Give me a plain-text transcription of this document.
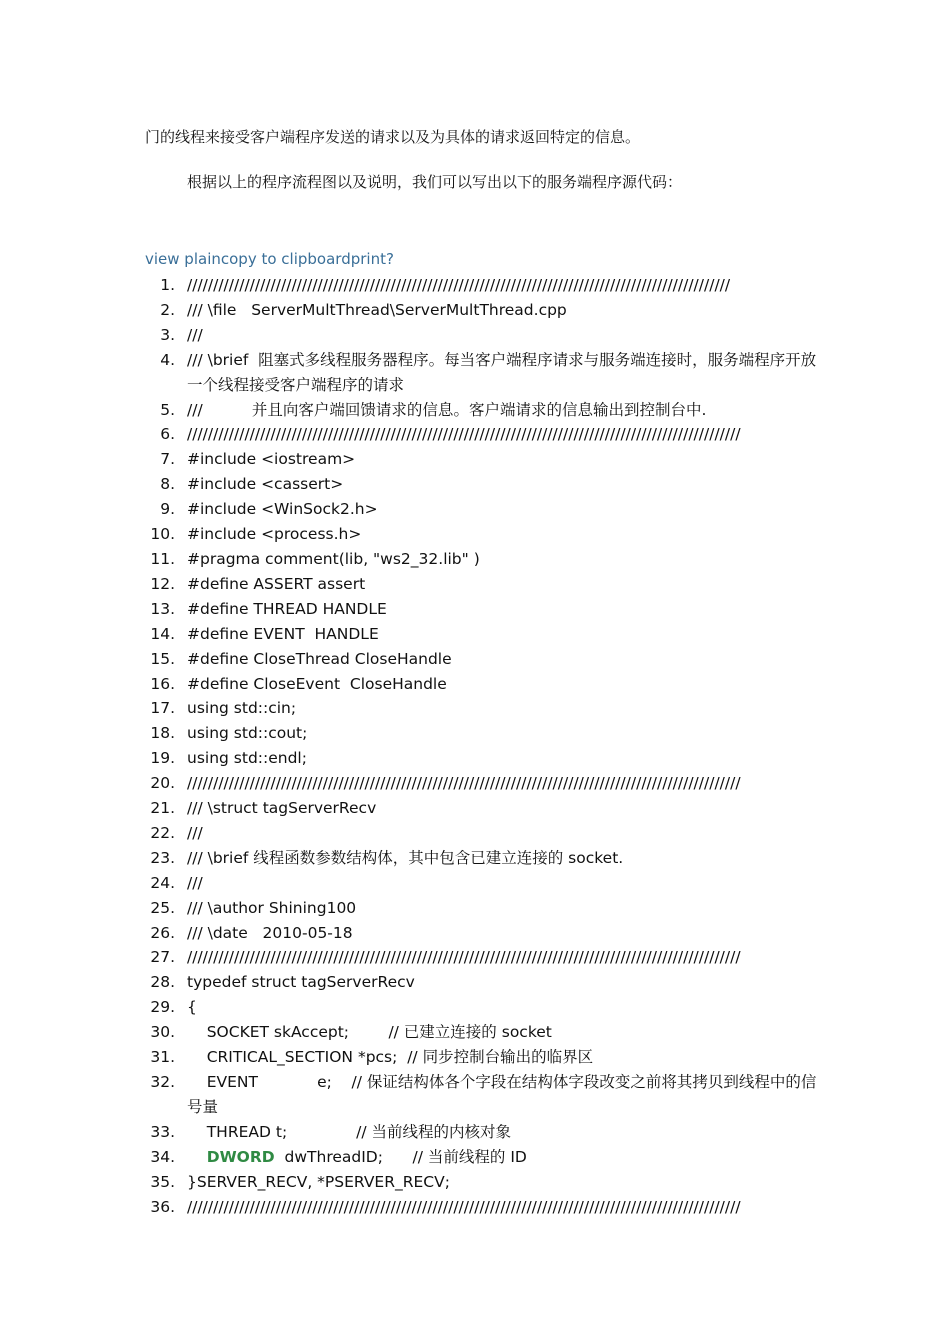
门的线程来接受客户端程序发送的请求以及为具体的请求返回特定的信息。
根据以上的程序流程图以及说明，我们可以写出以下的服务端程序源代码：
view plaincopy to clipboardprint?
1. ////////////////////////////////////////////////////////////////////////////////////////////////////////
2. /// \file   ServerMultThread\ServerMultThread.cpp
3. ///
4. /// \brief  阻塞式多线程服务器程序。每当客户端程序请求与服务端连接时，服务端程序开放一个线程接受客户端程序的请求
5. ///          并且向客户端回馈请求的信息。客户端请求的信息输出到控制台中.
6. //////////////////////////////////////////////////////////////////////////////////////////////////////////
7. #include <iostream>
8. #include <cassert>
9. #include <WinSock2.h>
10. #include <process.h>
11. #pragma comment(lib, "ws2_32.lib" )
12. #define ASSERT assert
13. #define THREAD HANDLE
14. #define EVENT  HANDLE
15. #define CloseThread CloseHandle
16. #define CloseEvent  CloseHandle
17. using std::cin;
18. using std::cout;
19. using std::endl;
20. //////////////////////////////////////////////////////////////////////////////////////////////////////////
21. /// \struct tagServerRecv
22. ///
23. /// \brief 线程函数参数结构体，其中包含已建立连接的 socket.
24. ///
25. /// \author Shining100
26. /// \date   2010-05-18
27. //////////////////////////////////////////////////////////////////////////////////////////////////////////
28. typedef struct tagServerRecv
29. {
30. SOCKET skAccept;        // 已建立连接的 socket
31. CRITICAL_SECTION *pcs;  // 同步控制台输出的临界区
32. EVENT            e;    // 保证结构体各个字段在结构体字段改变之前将其拷贝到线程中的信号量
33. THREAD t;              // 当前线程的内核对象
34. DWORD  dwThreadID;      // 当前线程的 ID
35. }SERVER_RECV, *PSERVER_RECV;
36. //////////////////////////////////////////////////////////////////////////////////////////////////////////
